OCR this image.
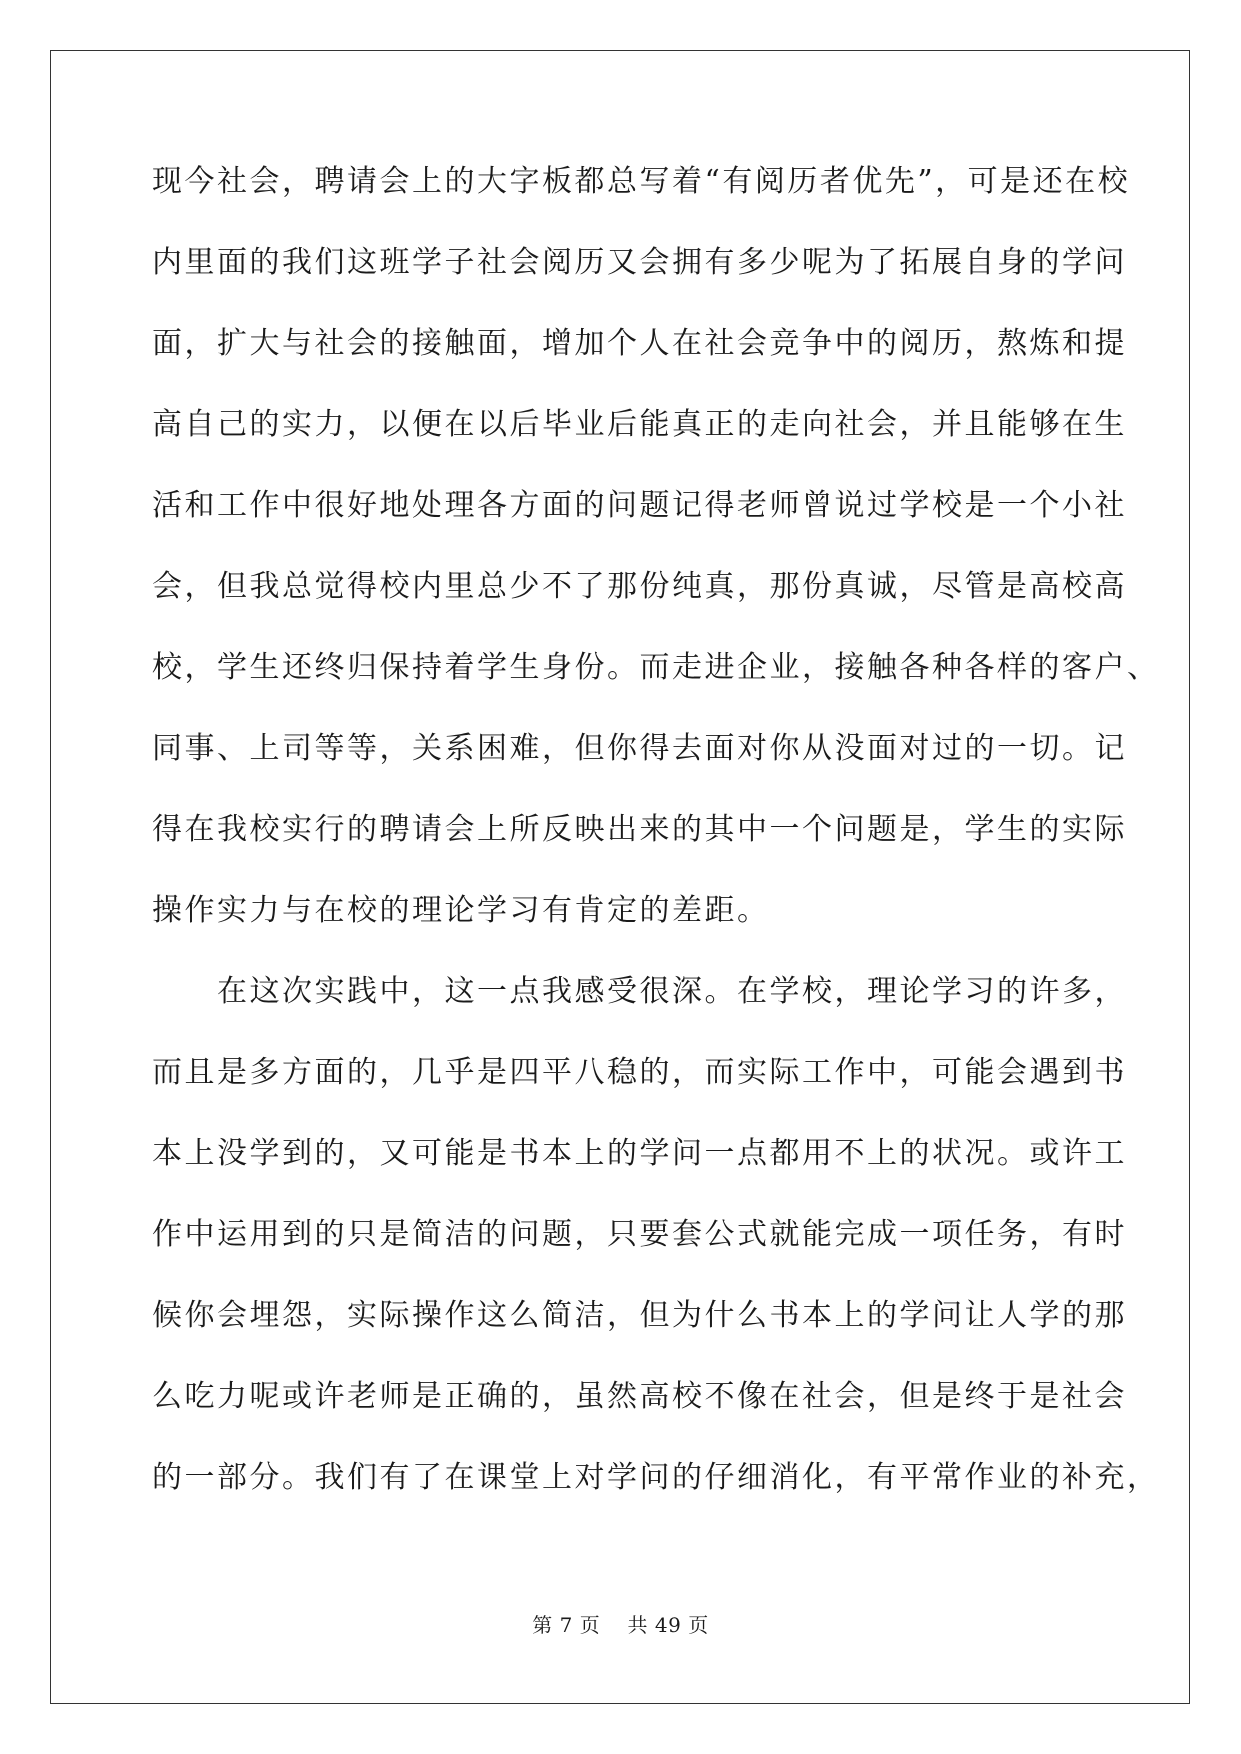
现今社会，聘请会上的大字板都总写着“有阅历者优先”，可是还在校
内里面的我们这班学子社会阅历又会拥有多少呢为了拓展自身的学问
面，扩大与社会的接触面，增加个人在社会竞争中的阅历，熬炼和提
高自己的实力，以便在以后毕业后能真正的走向社会，并且能够在生
活和工作中很好地处理各方面的问题记得老师曾说过学校是一个小社
会，但我总觉得校内里总少不了那份纯真，那份真诚，尽管是高校高
校，学生还终归保持着学生身份。而走进企业，接触各种各样的客户、
同事、上司等等，关系困难，但你得去面对你从没面对过的一切。记
得在我校实行的聘请会上所反映出来的其中一个问题是，学生的实际
操作实力与在校的理论学习有肯定的差距。
　　在这次实践中，这一点我感受很深。在学校，理论学习的许多，
而且是多方面的，几乎是四平八稳的，而实际工作中，可能会遇到书
本上没学到的，又可能是书本上的学问一点都用不上的状况。或许工
作中运用到的只是简洁的问题，只要套公式就能完成一项任务，有时
候你会埋怨，实际操作这么简洁，但为什么书本上的学问让人学的那
么吃力呢或许老师是正确的，虽然高校不像在社会，但是终于是社会
的一部分。我们有了在课堂上对学问的仔细消化，有平常作业的补充，
第 7 页　 共 49 页
